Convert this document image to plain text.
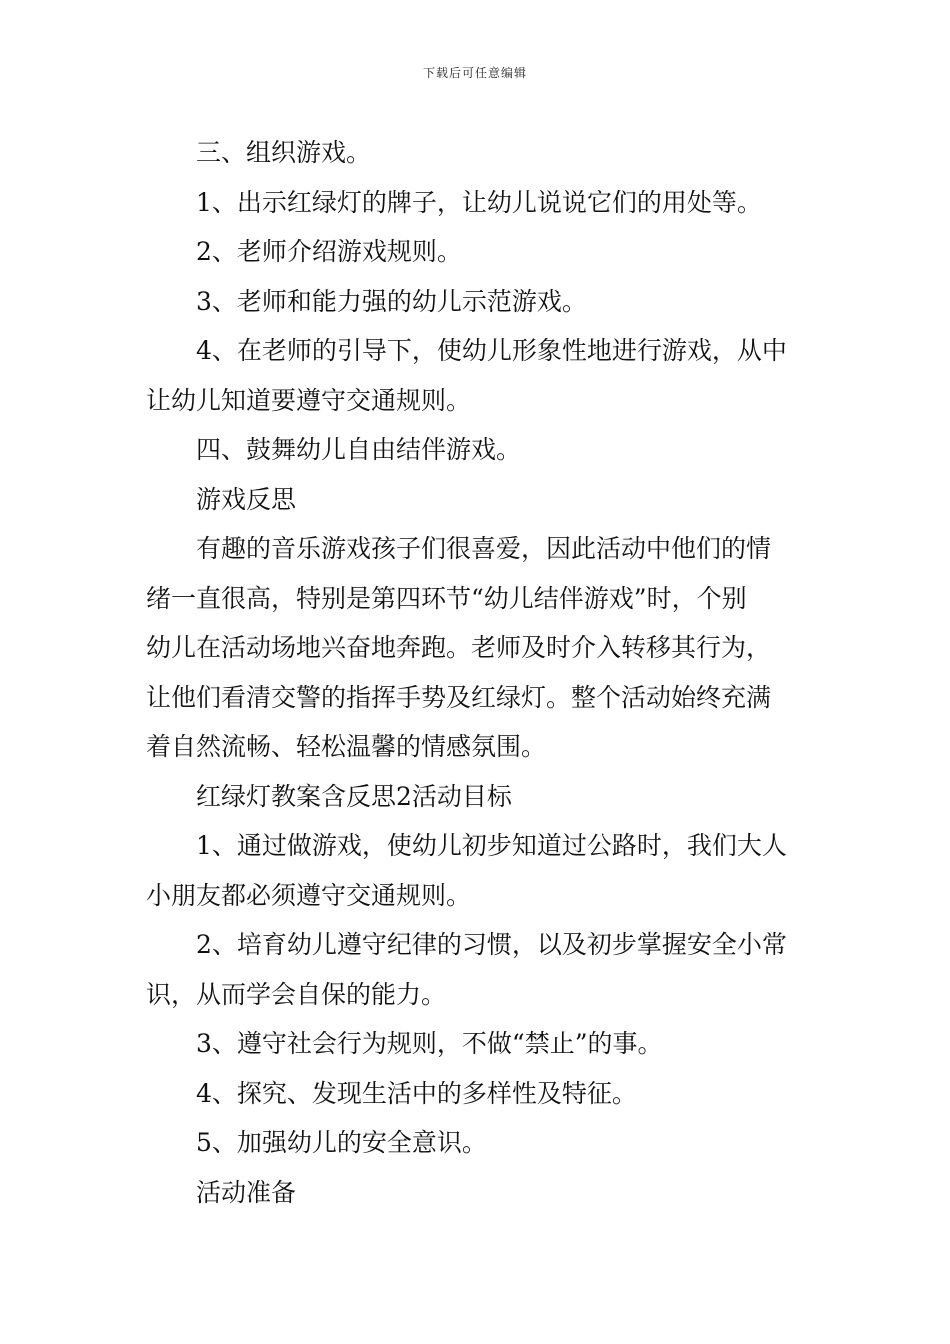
下载后可任意编辑
三、组织游戏。
1、出示红绿灯的牌子，让幼儿说说它们的用处等。
2、老师介绍游戏规则。
3、老师和能力强的幼儿示范游戏。
4、在老师的引导下，使幼儿形象性地进行游戏，从中
让幼儿知道要遵守交通规则。
四、鼓舞幼儿自由结伴游戏。
游戏反思
有趣的音乐游戏孩子们很喜爱，因此活动中他们的情
绪一直很高，特别是第四环节“幼儿结伴游戏”时，个别
幼儿在活动场地兴奋地奔跑。老师及时介入转移其行为，
让他们看清交警的指挥手势及红绿灯。整个活动始终充满
着自然流畅、轻松温馨的情感氛围。
红绿灯教案含反思2活动目标
1、通过做游戏，使幼儿初步知道过公路时，我们大人
小朋友都必须遵守交通规则。
2、培育幼儿遵守纪律的习惯，以及初步掌握安全小常
识，从而学会自保的能力。
3、遵守社会行为规则，不做“禁止”的事。
4、探究、发现生活中的多样性及特征。
5、加强幼儿的安全意识。
活动准备
